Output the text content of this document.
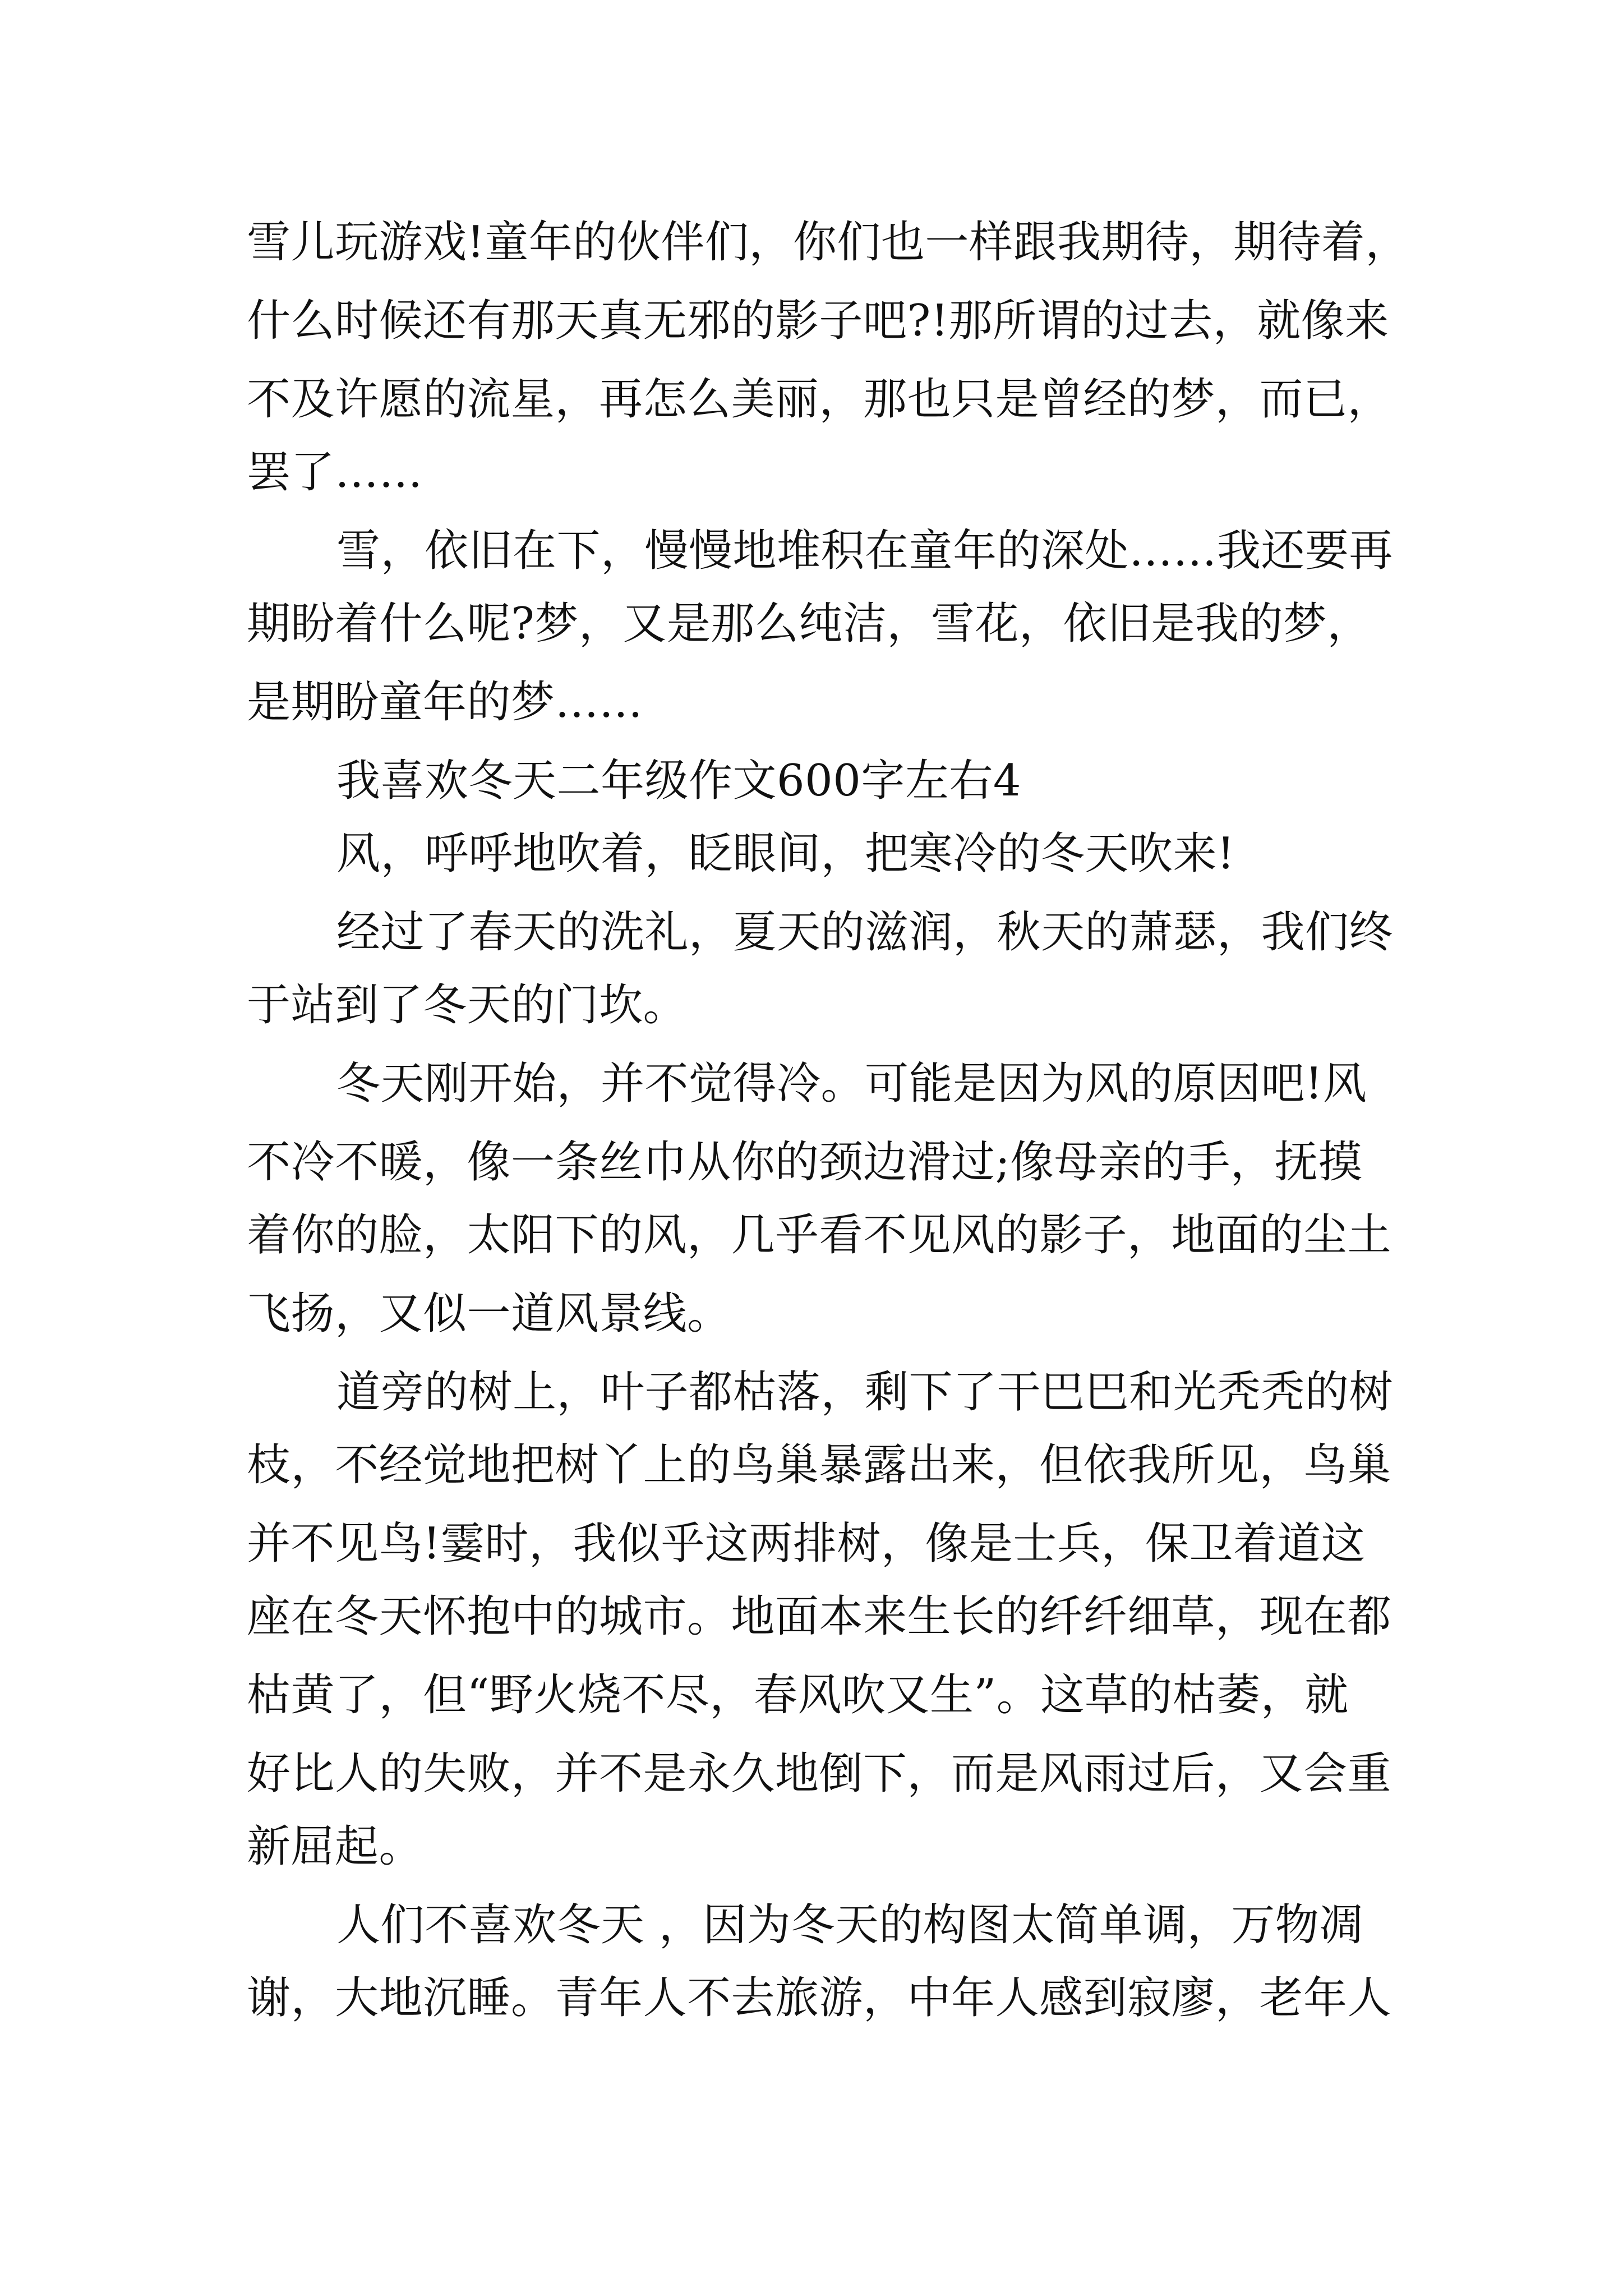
雪儿玩游戏!童年的伙伴们，你们也一样跟我期待，期待着，
什么时候还有那天真无邪的影子吧?!那所谓的过去，就像来
不及许愿的流星，再怎么美丽，那也只是曾经的梦，而已，
罢了……
雪，依旧在下，慢慢地堆积在童年的深处……我还要再
期盼着什么呢?梦，又是那么纯洁，雪花，依旧是我的梦，
是期盼童年的梦……
我喜欢冬天二年级作文600字左右4
风，呼呼地吹着，眨眼间，把寒冷的冬天吹来!
经过了春天的洗礼，夏天的滋润，秋天的萧瑟，我们终
于站到了冬天的门坎。
冬天刚开始，并不觉得冷。可能是因为风的原因吧!风
不冷不暖，像一条丝巾从你的颈边滑过;像母亲的手，抚摸
着你的脸，太阳下的风，几乎看不见风的影子，地面的尘土
飞扬，又似一道风景线。
道旁的树上，叶子都枯落，剩下了干巴巴和光秃秃的树
枝，不经觉地把树丫上的鸟巢暴露出来，但依我所见，鸟巢
并不见鸟!霎时，我似乎这两排树，像是士兵，保卫着道这
座在冬天怀抱中的城市。地面本来生长的纤纤细草，现在都
枯黄了，但“野火烧不尽，春风吹又生”。这草的枯萎，就
好比人的失败，并不是永久地倒下，而是风雨过后，又会重
新屈起。
人们不喜欢冬天 ，因为冬天的构图太简单调，万物凋
谢，大地沉睡。青年人不去旅游，中年人感到寂廖，老年人
